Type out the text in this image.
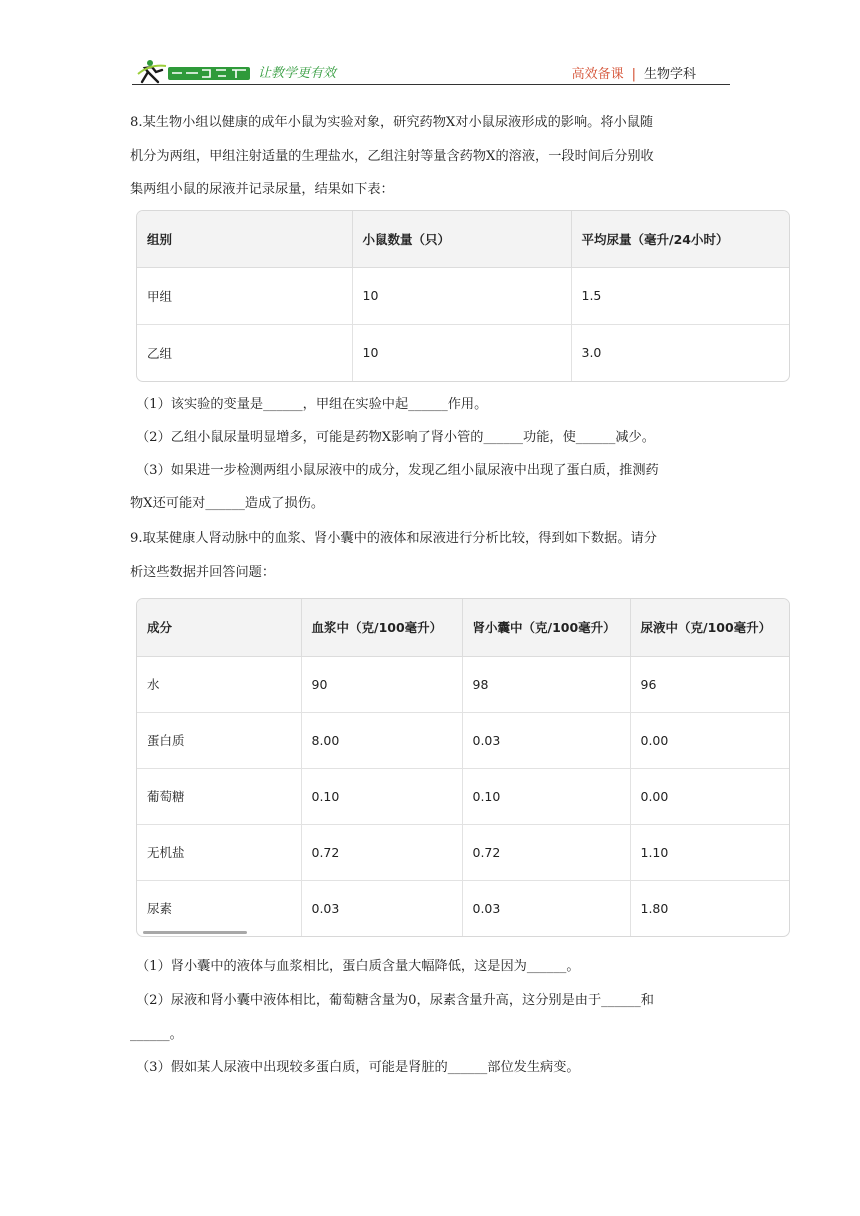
让教学更有效	高效备课 | 生物学科
8.某生物小组以健康的成年小鼠为实验对象，研究药物X对小鼠尿液形成的影响。将小鼠随
机分为两组，甲组注射适量的生理盐水，乙组注射等量含药物X的溶液，一段时间后分别收
集两组小鼠的尿液并记录尿量，结果如下表：
组别	小鼠数量（只）	平均尿量（毫升/24小时）
甲组	10	1.5
乙组	10	3.0
（1）该实验的变量是______，甲组在实验中起______作用。
（2）乙组小鼠尿量明显增多，可能是药物X影响了肾小管的______功能，使______减少。
（3）如果进一步检测两组小鼠尿液中的成分，发现乙组小鼠尿液中出现了蛋白质，推测药
物X还可能对______造成了损伤。
9.取某健康人肾动脉中的血浆、肾小囊中的液体和尿液进行分析比较，得到如下数据。请分
析这些数据并回答问题：
成分	血浆中（克/100毫升）	肾小囊中（克/100毫升）	尿液中（克/100毫升）
水	90	98	96
蛋白质	8.00	0.03	0.00
葡萄糖	0.10	0.10	0.00
无机盐	0.72	0.72	1.10
尿素	0.03	0.03	1.80
（1）肾小囊中的液体与血浆相比，蛋白质含量大幅降低，这是因为______。
（2）尿液和肾小囊中液体相比，葡萄糖含量为0，尿素含量升高，这分别是由于______和
______。
（3）假如某人尿液中出现较多蛋白质，可能是肾脏的______部位发生病变。
